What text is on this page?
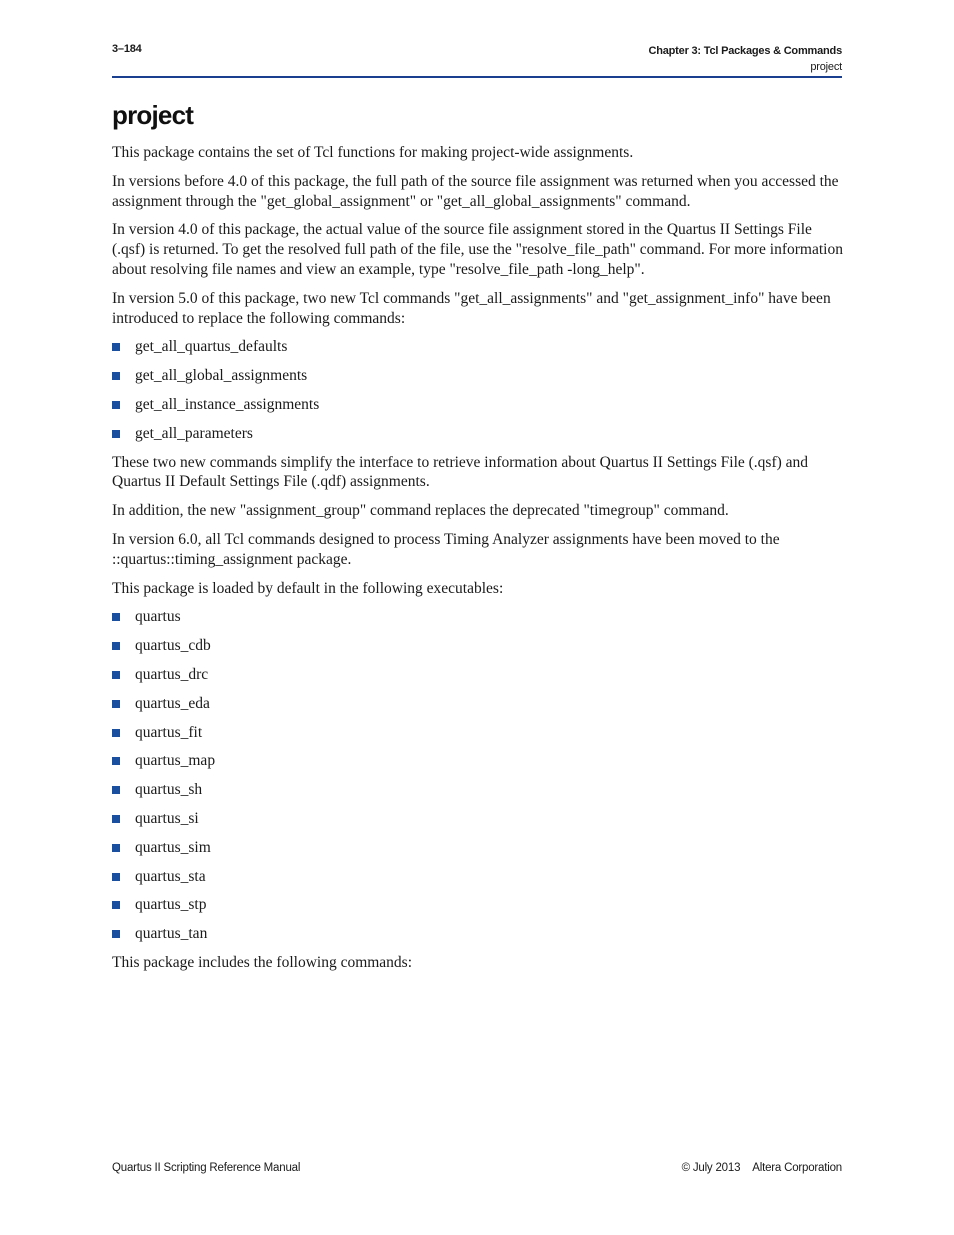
3–184	Chapter 3: Tcl Packages & Commands
project
project

This package contains the set of Tcl functions for making project-wide assignments.

In versions before 4.0 of this package, the full path of the source file assignment was returned when you accessed the assignment through the "get_global_assignment" or "get_all_global_assignments" command.

In version 4.0 of this package, the actual value of the source file assignment stored in the Quartus II Settings File (.qsf) is returned. To get the resolved full path of the file, use the "resolve_file_path" command. For more information about resolving file names and view an example, type "resolve_file_path -long_help".

In version 5.0 of this package, two new Tcl commands "get_all_assignments" and "get_assignment_info" have been introduced to replace the following commands:

get_all_quartus_defaults
get_all_global_assignments
get_all_instance_assignments
get_all_parameters

These two new commands simplify the interface to retrieve information about Quartus II Settings File (.qsf) and Quartus II Default Settings File (.qdf) assignments.

In addition, the new "assignment_group" command replaces the deprecated "timegroup" command.

In version 6.0, all Tcl commands designed to process Timing Analyzer assignments have been moved to the ::quartus::timing_assignment package.

This package is loaded by default in the following executables:

quartus
quartus_cdb
quartus_drc
quartus_eda
quartus_fit
quartus_map
quartus_sh
quartus_si
quartus_sim
quartus_sta
quartus_stp
quartus_tan

This package includes the following commands:

Quartus II Scripting Reference Manual	© July 2013 Altera Corporation
